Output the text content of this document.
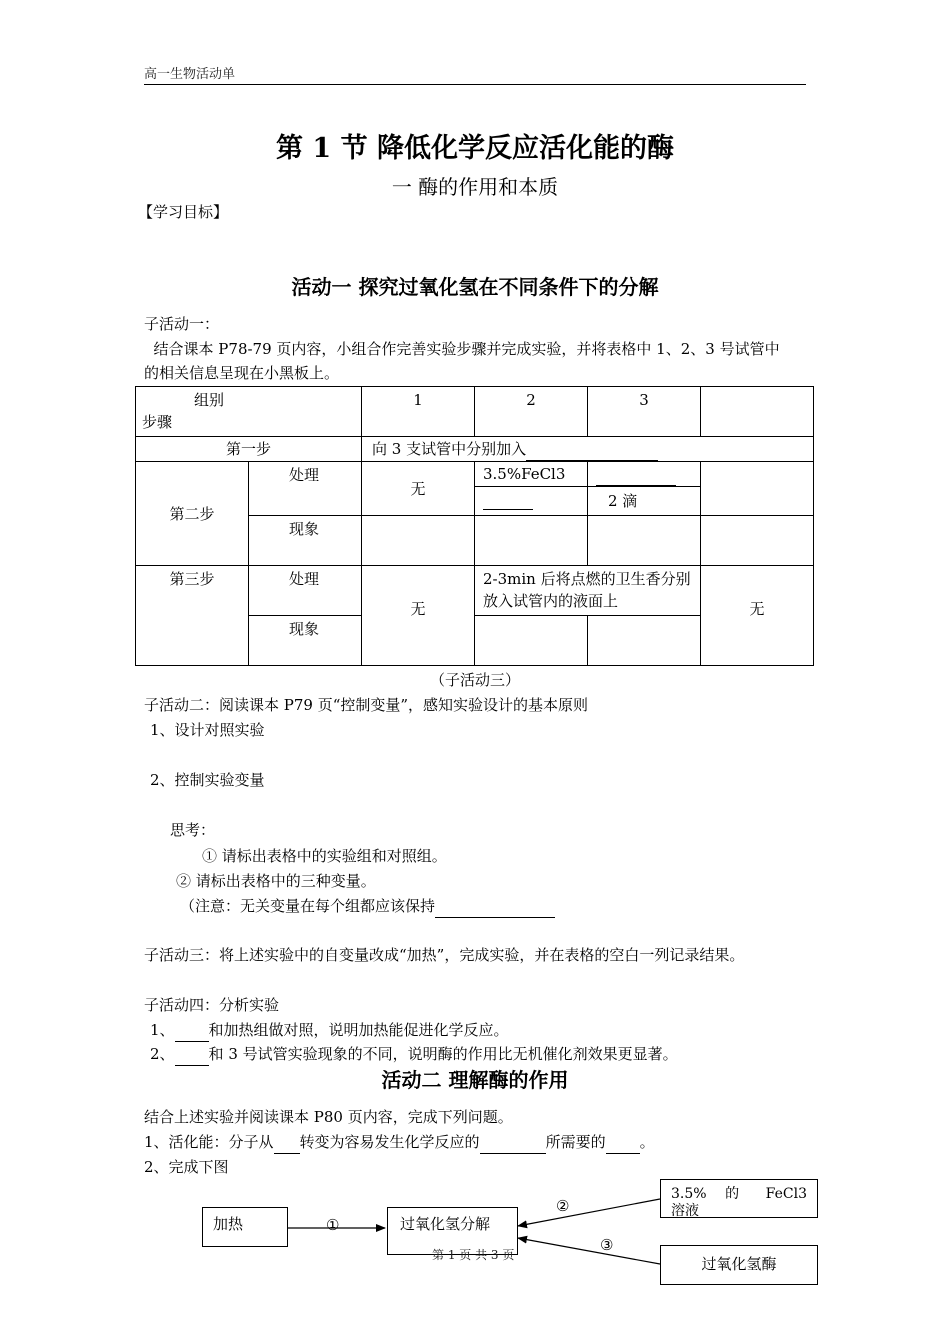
高一生物活动单
第 1 节 降低化学反应活化能的酶
一 酶的作用和本质
【学习目标】
活动一 探究过氧化氢在不同条件下的分解
子活动一：
结合课本 P78-79 页内容，小组合作完善实验步骤并完成实验，并将表格中 1、2、3 号试管中
的相关信息呈现在小黑板上。
组别
步骤		1	2	3	
第一步		向 3 支试管中分别加入			
第二步	处理	无	3.5%FeCl3		
				2 滴	
	现象				
第三步	处理	无	2-3min 后将点燃的卫生香分别放入试管内的液面上		无
	现象				
（子活动三）
子活动二：阅读课本 P79 页“控制变量”，感知实验设计的基本原则
1、设计对照实验
2、控制实验变量
思考：
① 请标出表格中的实验组和对照组。
② 请标出表格中的三种变量。
（注意：无关变量在每个组都应该保持
子活动三：将上述实验中的自变量改成“加热”，完成实验，并在表格的空白一列记录结果。
子活动四：分析实验
1、 和加热组做对照，说明加热能促进化学反应。
2、 和 3 号试管实验现象的不同，说明酶的作用比无机催化剂效果更显著。
活动二 理解酶的作用
结合上述实验并阅读课本 P80 页内容，完成下列问题。
1、活化能：分子从 转变为容易发生化学反应的	所需要的 。
2、完成下图
加热	过氧化氢分解
3.5% 的 FeCl3 溶液
过氧化氢酶
①
②
③
第 1 页 共 3 页
